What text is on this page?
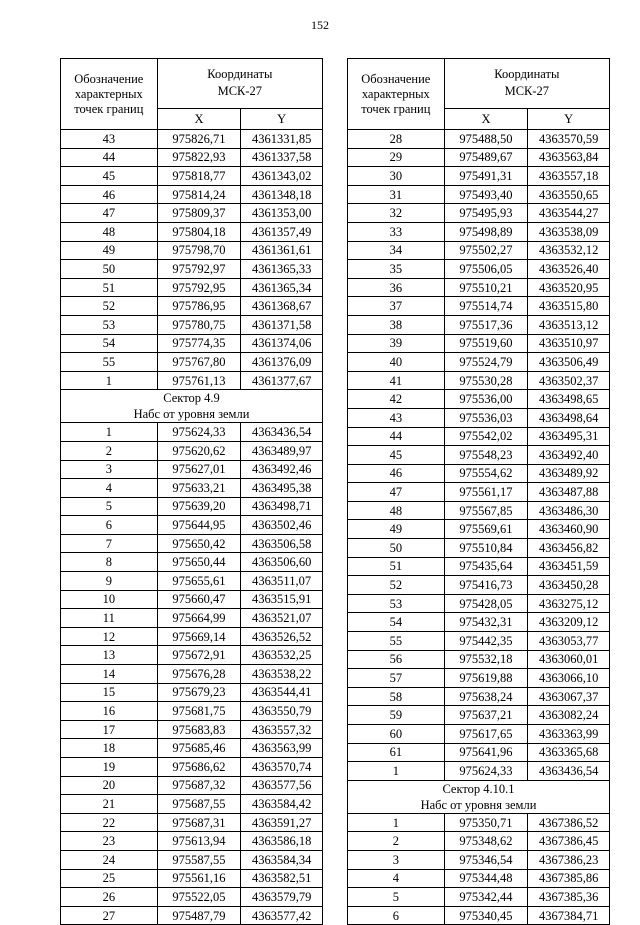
152
Обозначение
характерных
точек границ	Координаты
МСК-27	
	X	Y
43	975826,71	4361331,85
44	975822,93	4361337,58
45	975818,77	4361343,02
46	975814,24	4361348,18
47	975809,37	4361353,00
48	975804,18	4361357,49
49	975798,70	4361361,61
50	975792,97	4361365,33
51	975792,95	4361365,34
52	975786,95	4361368,67
53	975780,75	4361371,58
54	975774,35	4361374,06
55	975767,80	4361376,09
1	975761,13	4361377,67
Сектор 4.9
Набс от уровня земли		
1	975624,33	4363436,54
2	975620,62	4363489,97
3	975627,01	4363492,46
4	975633,21	4363495,38
5	975639,20	4363498,71
6	975644,95	4363502,46
7	975650,42	4363506,58
8	975650,44	4363506,60
9	975655,61	4363511,07
10	975660,47	4363515,91
11	975664,99	4363521,07
12	975669,14	4363526,52
13	975672,91	4363532,25
14	975676,28	4363538,22
15	975679,23	4363544,41
16	975681,75	4363550,79
17	975683,83	4363557,32
18	975685,46	4363563,99
19	975686,62	4363570,74
20	975687,32	4363577,56
21	975687,55	4363584,42
22	975687,31	4363591,27
23	975613,94	4363586,18
24	975587,55	4363584,34
25	975561,16	4363582,51
26	975522,05	4363579,79
27	975487,79	4363577,42
Обозначение
характерных
точек границ	Координаты
МСК-27	
	X	Y
28	975488,50	4363570,59
29	975489,67	4363563,84
30	975491,31	4363557,18
31	975493,40	4363550,65
32	975495,93	4363544,27
33	975498,89	4363538,09
34	975502,27	4363532,12
35	975506,05	4363526,40
36	975510,21	4363520,95
37	975514,74	4363515,80
38	975517,36	4363513,12
39	975519,60	4363510,97
40	975524,79	4363506,49
41	975530,28	4363502,37
42	975536,00	4363498,65
43	975536,03	4363498,64
44	975542,02	4363495,31
45	975548,23	4363492,40
46	975554,62	4363489,92
47	975561,17	4363487,88
48	975567,85	4363486,30
49	975569,61	4363460,90
50	975510,84	4363456,82
51	975435,64	4363451,59
52	975416,73	4363450,28
53	975428,05	4363275,12
54	975432,31	4363209,12
55	975442,35	4363053,77
56	975532,18	4363060,01
57	975619,88	4363066,10
58	975638,24	4363067,37
59	975637,21	4363082,24
60	975617,65	4363363,99
61	975641,96	4363365,68
1	975624,33	4363436,54
Сектор 4.10.1
Набс от уровня земли		
1	975350,71	4367386,52
2	975348,62	4367386,45
3	975346,54	4367386,23
4	975344,48	4367385,86
5	975342,44	4367385,36
6	975340,45	4367384,71
